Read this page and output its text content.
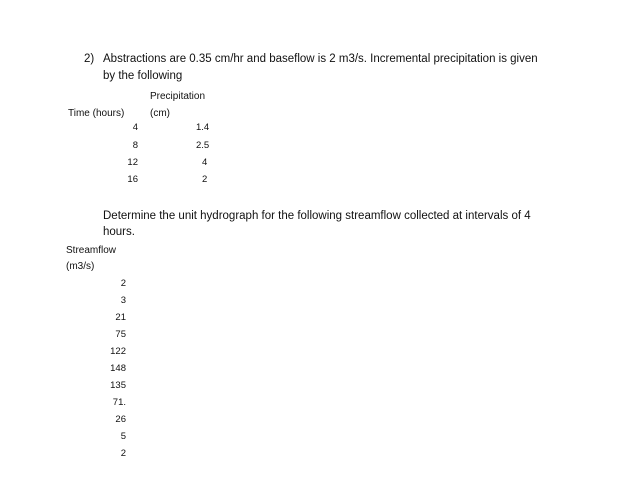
2) Abstractions are 0.35 cm/hr and baseflow is 2 m3/s. Incremental precipitation is given
by the following
Precipitation
Time (hours)	(cm)
4	1.4
8	2.5
12	4
16	2
Determine the unit hydrograph for the following streamflow collected at intervals of 4
hours.
Streamflow
(m3/s)
2
3
21
75
122
148
135
71.
26
5
2
